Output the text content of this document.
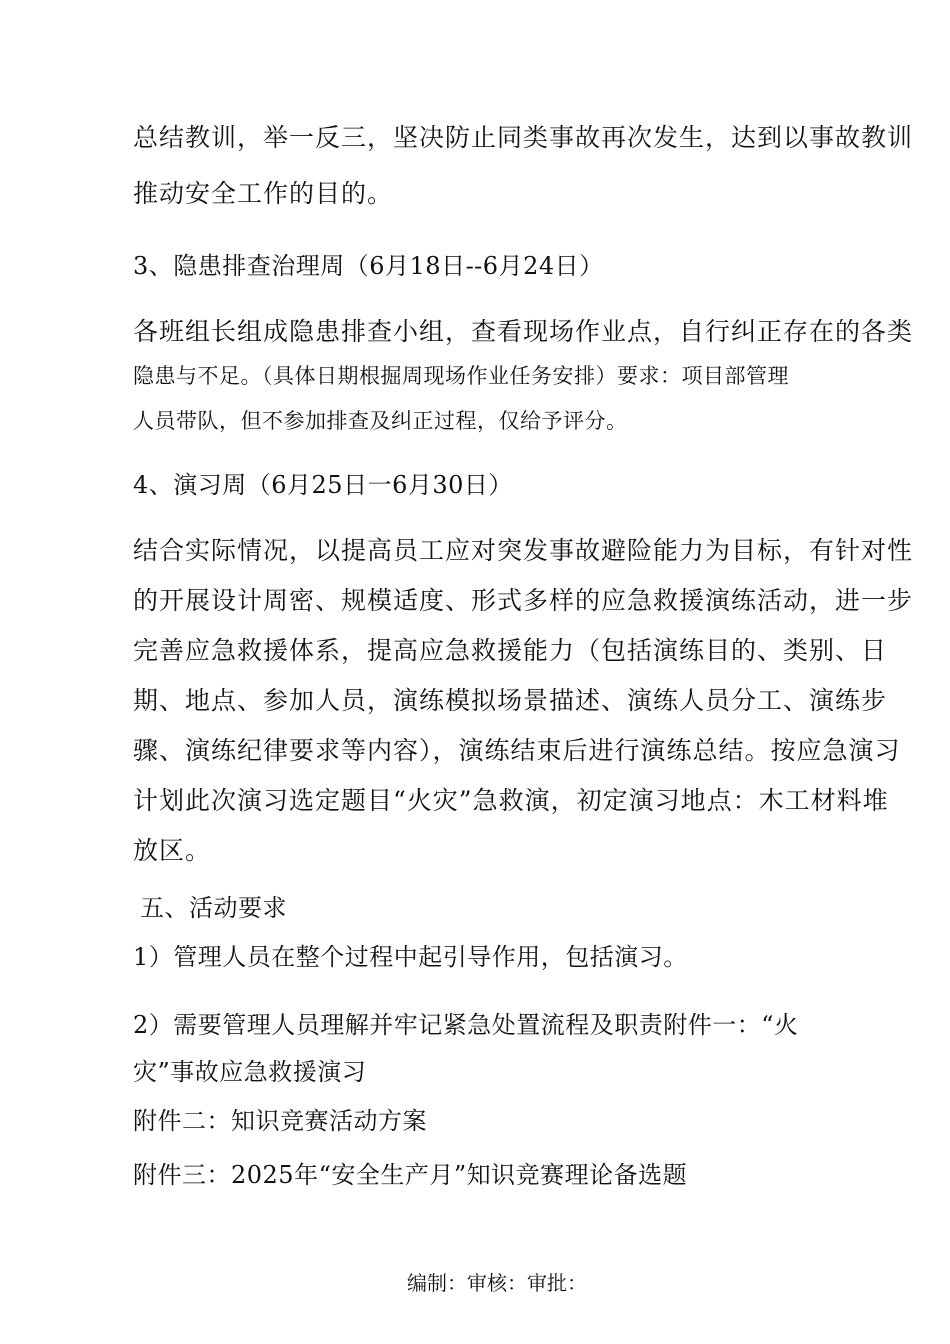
总结教训，举一反三，坚决防止同类事故再次发生，达到以事故教训

推动安全工作的目的。

3、隐患排查治理周（6月18日--6月24日）

各班组长组成隐患排查小组，查看现场作业点，自行纠正存在的各类

隐患与不足。（具体日期根掘周现场作业任务安排）要求：项目部管理

人员带队，但不参加排查及纠正过程，仅给予评分。

4、演习周（6月25日一6月30日）

结合实际情况，以提高员工应对突发事故避险能力为目标，有针对性

的开展设计周密、规模适度、形式多样的应急救援演练活动，进一步

完善应急救援体系，提高应急救援能力（包括演练目的、类别、日

期、地点、参加人员，演练模拟场景描述、演练人员分工、演练步

骤、演练纪律要求等内容），演练结束后进行演练总结。按应急演习

计划此次演习选定题目“火灾”急救演，初定演习地点：木工材料堆

放区。

五、活动要求

1）管理人员在整个过程中起引导作用，包括演习。

2）需要管理人员理解并牢记紧急处置流程及职责附件一：“火

灾”事故应急救援演习

附件二：知识竞赛活动方案

附件三：2025年“安全生产月”知识竞赛理论备选题

编制：审核：审批：
